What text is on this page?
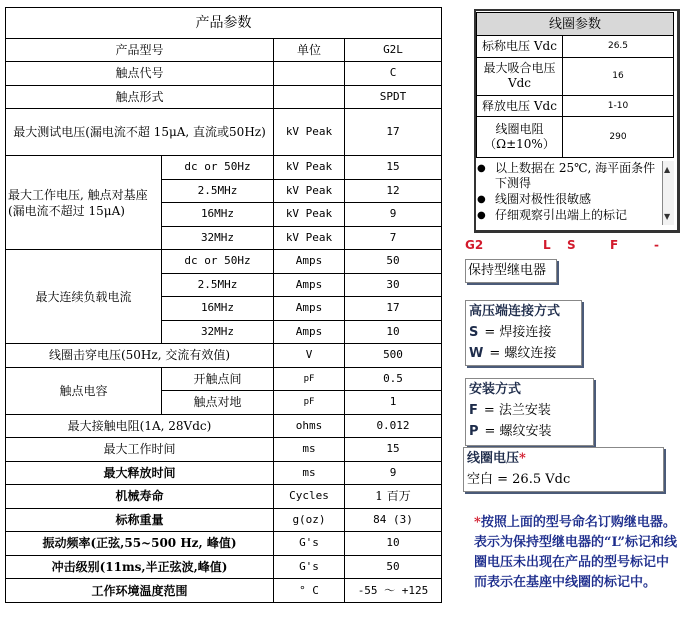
产品参数			
产品型号		单位	G2L
触点代号			C
触点形式			SPDT
最大测试电压(漏电流不超 15μA, 直流或50Hz)		kV Peak	17
最大工作电压, 触点对基座(漏电流不超过 15μA)	dc or 50Hz	kV Peak	15
	2.5MHz	kV Peak	12
	16MHz	kV Peak	9
	32MHz	kV Peak	7
最大连续负载电流	dc or 50Hz	Amps	50
	2.5MHz	Amps	30
	16MHz	Amps	17
	32MHz	Amps	10
线圈击穿电压(50Hz, 交流有效值)		V	500
触点电容	开触点间	pF	0.5
	触点对地	pF	1
最大接触电阻(1A, 28Vdc)		ohms	0.012
最大工作时间		ms	15
最大释放时间		ms	9
机械寿命		Cycles	1 百万
标称重量		g(oz)	84 (3)
振动频率(正弦,55~500 Hz, 峰值)		G's	10
冲击级别(11ms,半正弦波,峰值)		G's	50
工作环境温度范围		° C	-55 ～ +125
线圈参数	
标称电压 Vdc	26.5
最大吸合电压 Vdc	16
释放电压 Vdc	1-10
线圈电阻（Ω±10%）	290
● 以上数据在 25℃, 海平面条件下测得
● 线圈对极性很敏感
● 仔细观察引出端上的标记
▲
▼
G2	L S	F	-
保持型继电器
高压端连接方式
S = 焊接连接
W = 螺纹连接
安装方式
F = 法兰安装
P = 螺纹安装
线圈电压*
空白 = 26.5 Vdc
*按照上面的型号命名订购继电器。表示为保持型继电器的“L”标记和线圈电压未出现在产品的型号标记中而表示在基座中线圈的标记中。
